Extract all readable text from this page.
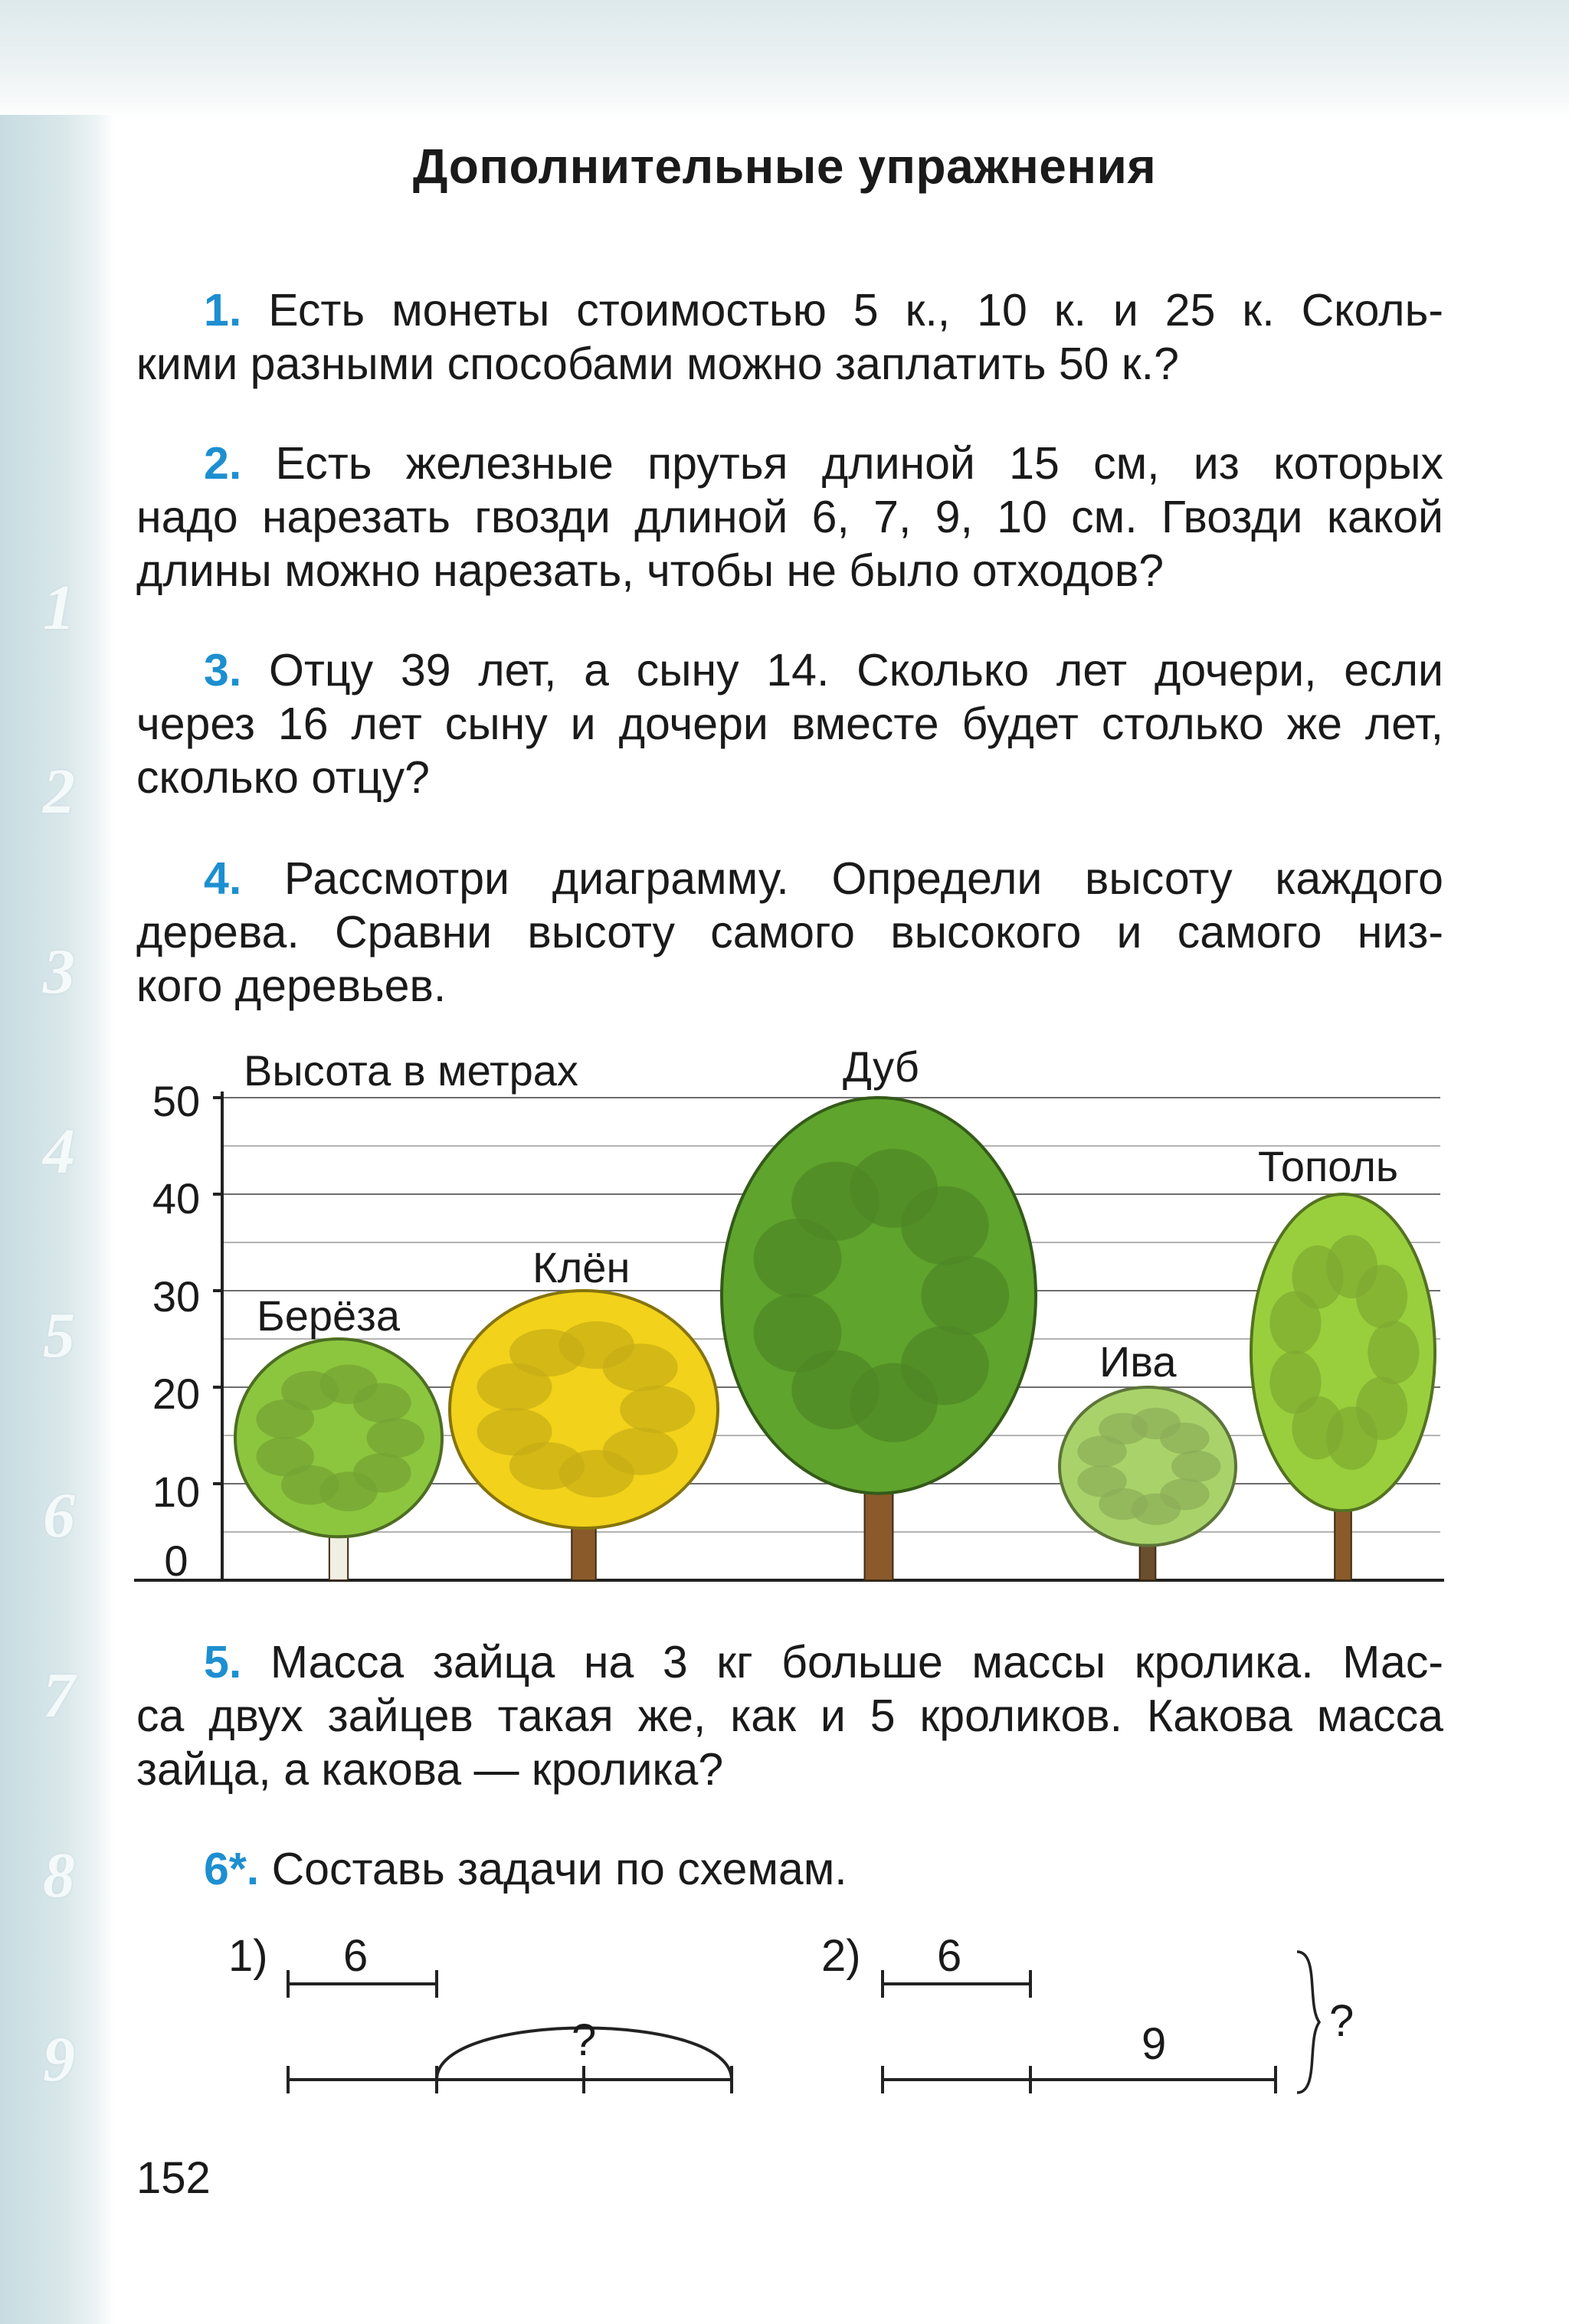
1
2
3
4
5
6
7
8
9
Дополнительные упражнения
1. Есть монеты стоимостью 5 к., 10 к. и 25 к. Сколь-
кими разными способами можно заплатить 50 к.?
2. Есть железные прутья длиной 15 см, из которых
надо нарезать гвозди длиной 6, 7, 9, 10 см. Гвозди какой
длины можно нарезать, чтобы не было отходов?
3. Отцу 39 лет, а сыну 14. Сколько лет дочери, если
через 16 лет сыну и дочери вместе будет столько же лет,
сколько отцу?
4. Рассмотри диаграмму. Определи высоту каждого
дерева. Сравни высоту самого высокого и самого низ-
кого деревьев.
50
40
30
20
10
0
Высота в метрах
Берёза
Клён
Дуб
Ива
Тополь
5. Масса зайца на 3 кг больше массы кролика. Мас-
са двух зайцев такая же, как и 5 кроликов. Какова масса
зайца, а какова — кролика?
6*. Составь задачи по схемам.
1) 6
?
2) 6
9	?
152
